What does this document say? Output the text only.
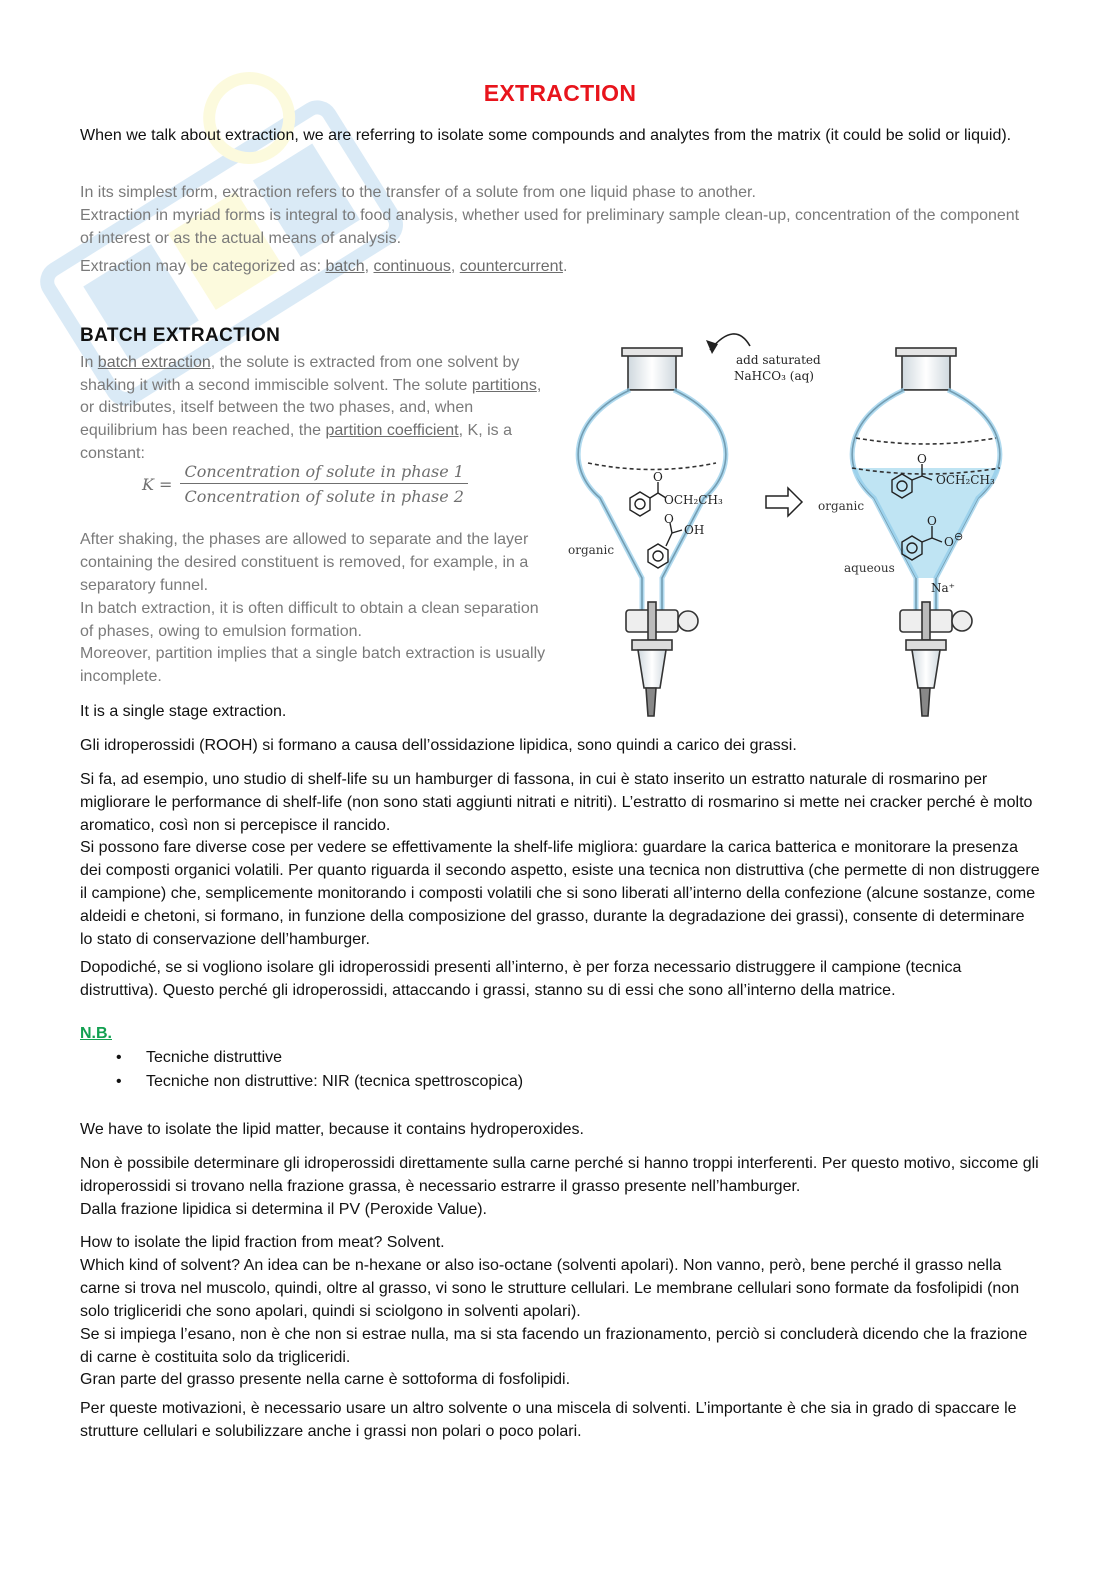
EXTRACTION
When we talk about extraction, we are referring to isolate some compounds and analytes from the matrix (it could be solid or liquid).
In its simplest form, extraction refers to the transfer of a solute from one liquid phase to another.
Extraction in myriad forms is integral to food analysis, whether used for preliminary sample clean-up, concentration of the component of interest or as the actual means of analysis.
Extraction may be categorized as: batch, continuous, countercurrent.
BATCH EXTRACTION
In batch extraction, the solute is extracted from one solvent by shaking it with a second immiscible solvent. The solute partitions, or distributes, itself between the two phases, and, when equilibrium has been reached, the partition coefficient, K, is a constant:
$K = \frac{\text{Concentration of solute in phase 1}}{\text{Concentration of solute in phase 2}}$
After shaking, the phases are allowed to separate and the layer containing the desired constituent is removed, for example, in a separatory funnel.
In batch extraction, it is often difficult to obtain a clean separation of phases, owing to emulsion formation.
Moreover, partition implies that a single batch extraction is usually incomplete.
It is a single stage extraction.
Gli idroperossidi (ROOH) si formano a causa dell’ossidazione lipidica, sono quindi a carico dei grassi.
Si fa, ad esempio, uno studio di shelf-life su un hamburger di fassona, in cui è stato inserito un estratto naturale di rosmarino per migliorare le performance di shelf-life (non sono stati aggiunti nitrati e nitriti). L’estratto di rosmarino si mette nei cracker perché è molto aromatico, così non si percepisce il rancido.
Si possono fare diverse cose per vedere se effettivamente la shelf-life migliora: guardare la carica batterica e monitorare la presenza dei composti organici volatili. Per quanto riguarda il secondo aspetto, esiste una tecnica non distruttiva (che permette di non distruggere il campione) che, semplicemente monitorando i composti volatili che si sono liberati all’interno della confezione (alcune sostanze, come aldeidi e chetoni, si formano, in funzione della composizione del grasso, durante la degradazione dei grassi), consente di determinare lo stato di conservazione dell’hamburger.
Dopodiché, se si vogliono isolare gli idroperossidi presenti all’interno, è per forza necessario distruggere il campione (tecnica distruttiva). Questo perché gli idroperossidi, attaccando i grassi, stanno su di essi che sono all’interno della matrice.
N.B.
• Tecniche distruttive
• Tecniche non distruttive: NIR (tecnica spettroscopica)
We have to isolate the lipid matter, because it contains hydroperoxides.
Non è possibile determinare gli idroperossidi direttamente sulla carne perché si hanno troppi interferenti. Per questo motivo, siccome gli idroperossidi si trovano nella frazione grassa, è necessario estrarre il grasso presente nell’hamburger.
Dalla frazione lipidica si determina il PV (Peroxide Value).
How to isolate the lipid fraction from meat? Solvent.
Which kind of solvent? An idea can be n-hexane or also iso-octane (solventi apolari). Non vanno, però, bene perché il grasso nella carne si trova nel muscolo, quindi, oltre al grasso, vi sono le strutture cellulari. Le membrane cellulari sono formate da fosfolipidi (non solo trigliceridi che sono apolari, quindi si sciolgono in solventi apolari).
Se si impiega l’esano, non è che non si estrae nulla, ma si sta facendo un frazionamento, perciò si concluderà dicendo che la frazione di carne è costituita solo da trigliceridi.
Gran parte del grasso presente nella carne è sottoforma di fosfolipidi.
Per queste motivazioni, è necessario usare un altro solvente o una miscela di solventi. L’importante è che sia in grado di spaccare le strutture cellulari e solubilizzare anche i grassi non polari o poco polari.
O
OCH₂CH₃
O
OH
organic
add saturated
NaHCO₃ (aq)
O
OCH₂CH₃
O
O ⊖
Na⁺
organic
aqueous
